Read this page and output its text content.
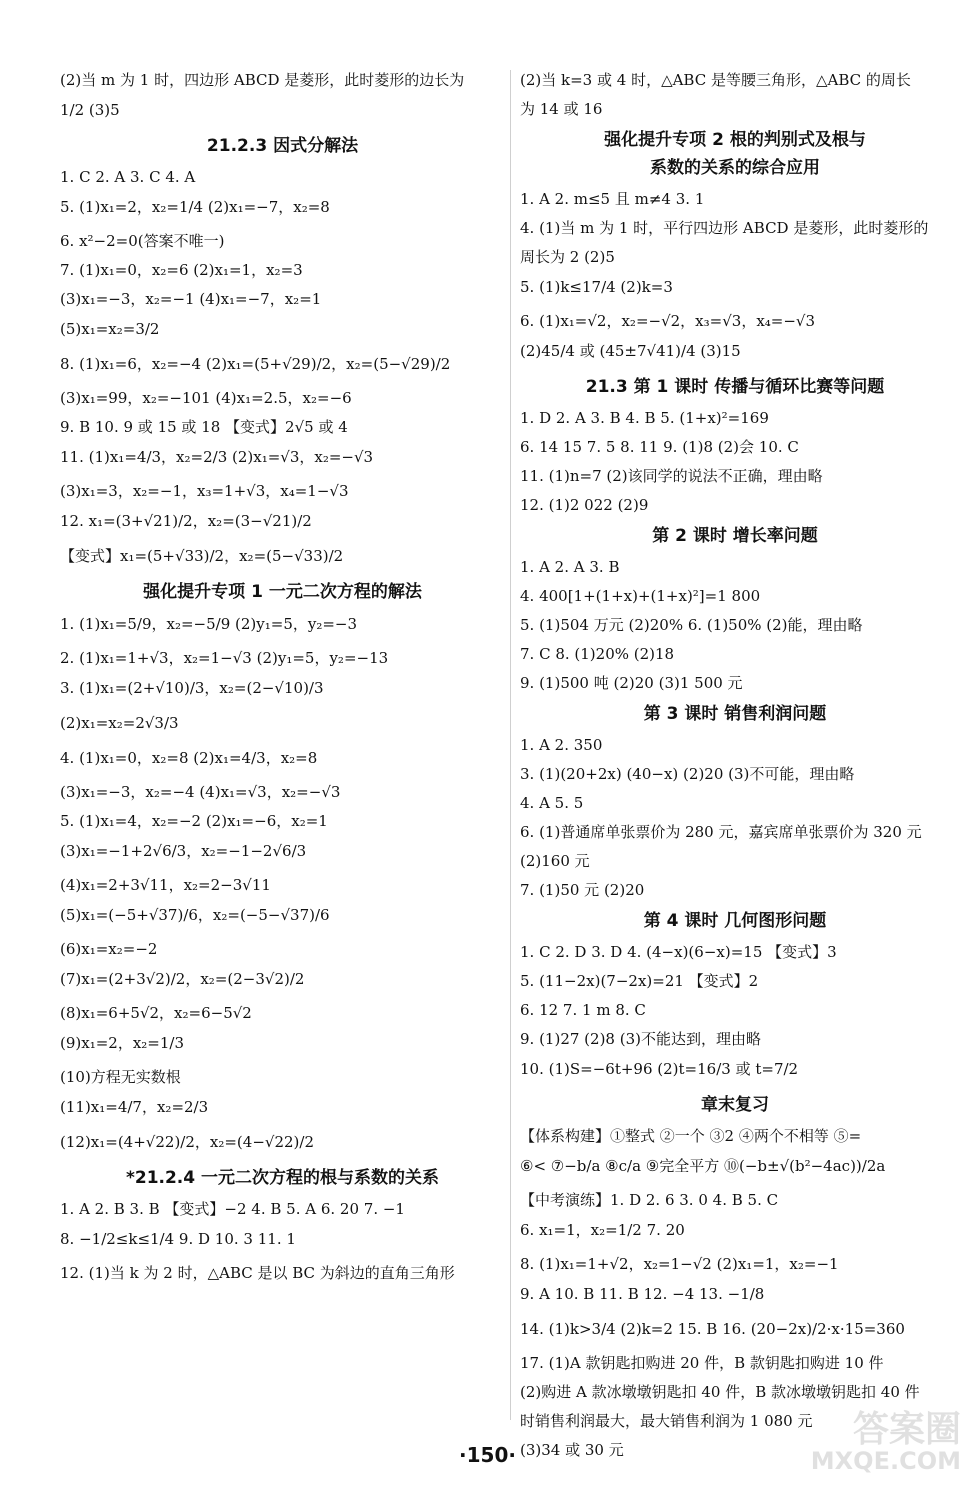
(2)当 m 为 1 时，四边形 ABCD 是菱形，此时菱形的边长为
1/2 (3)5
21.2.3 因式分解法
1. C 2. A 3. C 4. A
5. (1)x₁=2，x₂=1/4 (2)x₁=−7，x₂=8
6. x²−2=0(答案不唯一)
7. (1)x₁=0，x₂=6 (2)x₁=1，x₂=3
(3)x₁=−3，x₂=−1 (4)x₁=−7，x₂=1
(5)x₁=x₂=3/2
8. (1)x₁=6，x₂=−4 (2)x₁=(5+√29)/2，x₂=(5−√29)/2
(3)x₁=99，x₂=−101 (4)x₁=2.5，x₂=−6
9. B 10. 9 或 15 或 18 【变式】2√5 或 4
11. (1)x₁=4/3，x₂=2/3 (2)x₁=√3，x₂=−√3
(3)x₁=3，x₂=−1，x₃=1+√3，x₄=1−√3
12. x₁=(3+√21)/2，x₂=(3−√21)/2
【变式】x₁=(5+√33)/2，x₂=(5−√33)/2
强化提升专项 1 一元二次方程的解法
1. (1)x₁=5/9，x₂=−5/9 (2)y₁=5，y₂=−3
2. (1)x₁=1+√3，x₂=1−√3 (2)y₁=5，y₂=−13
3. (1)x₁=(2+√10)/3，x₂=(2−√10)/3
(2)x₁=x₂=2√3/3
4. (1)x₁=0，x₂=8 (2)x₁=4/3，x₂=8
(3)x₁=−3，x₂=−4 (4)x₁=√3，x₂=−√3
5. (1)x₁=4，x₂=−2 (2)x₁=−6，x₂=1
(3)x₁=−1+2√6/3，x₂=−1−2√6/3
(4)x₁=2+3√11，x₂=2−3√11
(5)x₁=(−5+√37)/6，x₂=(−5−√37)/6
(6)x₁=x₂=−2
(7)x₁=(2+3√2)/2，x₂=(2−3√2)/2
(8)x₁=6+5√2，x₂=6−5√2
(9)x₁=2，x₂=1/3
(10)方程无实数根
(11)x₁=4/7，x₂=2/3
(12)x₁=(4+√22)/2，x₂=(4−√22)/2
*21.2.4 一元二次方程的根与系数的关系
1. A 2. B 3. B 【变式】−2 4. B 5. A 6. 20 7. −1
8. −1/2≤k≤1/4 9. D 10. 3 11. 1
12. (1)当 k 为 2 时，△ABC 是以 BC 为斜边的直角三角形
(2)当 k=3 或 4 时，△ABC 是等腰三角形，△ABC 的周长
为 14 或 16
强化提升专项 2 根的判别式及根与
系数的关系的综合应用
1. A 2. m≤5 且 m≠4 3. 1
4. (1)当 m 为 1 时，平行四边形 ABCD 是菱形，此时菱形的
周长为 2 (2)5
5. (1)k≤17/4 (2)k=3
6. (1)x₁=√2，x₂=−√2，x₃=√3，x₄=−√3
(2)45/4 或 (45±7√41)/4 (3)15
21.3 第 1 课时 传播与循环比赛等问题
1. D 2. A 3. B 4. B 5. (1+x)²=169
6. 14 15 7. 5 8. 11 9. (1)8 (2)会 10. C
11. (1)n=7 (2)该同学的说法不正确，理由略
12. (1)2 022 (2)9
第 2 课时 增长率问题
1. A 2. A 3. B
4. 400[1+(1+x)+(1+x)²]=1 800
5. (1)504 万元 (2)20% 6. (1)50% (2)能，理由略
7. C 8. (1)20% (2)18
9. (1)500 吨 (2)20 (3)1 500 元
第 3 课时 销售利润问题
1. A 2. 350
3. (1)(20+2x) (40−x) (2)20 (3)不可能，理由略
4. A 5. 5
6. (1)普通席单张票价为 280 元，嘉宾席单张票价为 320 元
(2)160 元
7. (1)50 元 (2)20
第 4 课时 几何图形问题
1. C 2. D 3. D 4. (4−x)(6−x)=15 【变式】3
5. (11−2x)(7−2x)=21 【变式】2
6. 12 7. 1 m 8. C
9. (1)27 (2)8 (3)不能达到，理由略
10. (1)S=−6t+96 (2)t=16/3 或 t=7/2
章末复习
【体系构建】①整式 ②一个 ③2 ④两个不相等 ⑤=
⑥< ⑦−b/a ⑧c/a ⑨完全平方 ⑩(−b±√(b²−4ac))/2a
【中考演练】1. D 2. 6 3. 0 4. B 5. C
6. x₁=1，x₂=1/2 7. 20
8. (1)x₁=1+√2，x₂=1−√2 (2)x₁=1，x₂=−1
9. A 10. B 11. B 12. −4 13. −1/8
14. (1)k>3/4 (2)k=2 15. B 16. (20−2x)/2·x·15=360
17. (1)A 款钥匙扣购进 20 件，B 款钥匙扣购进 10 件
(2)购进 A 款冰墩墩钥匙扣 40 件，B 款冰墩墩钥匙扣 40 件
时销售利润最大，最大销售利润为 1 080 元
(3)34 或 30 元
·150·
答案圈
MXQE.COM
